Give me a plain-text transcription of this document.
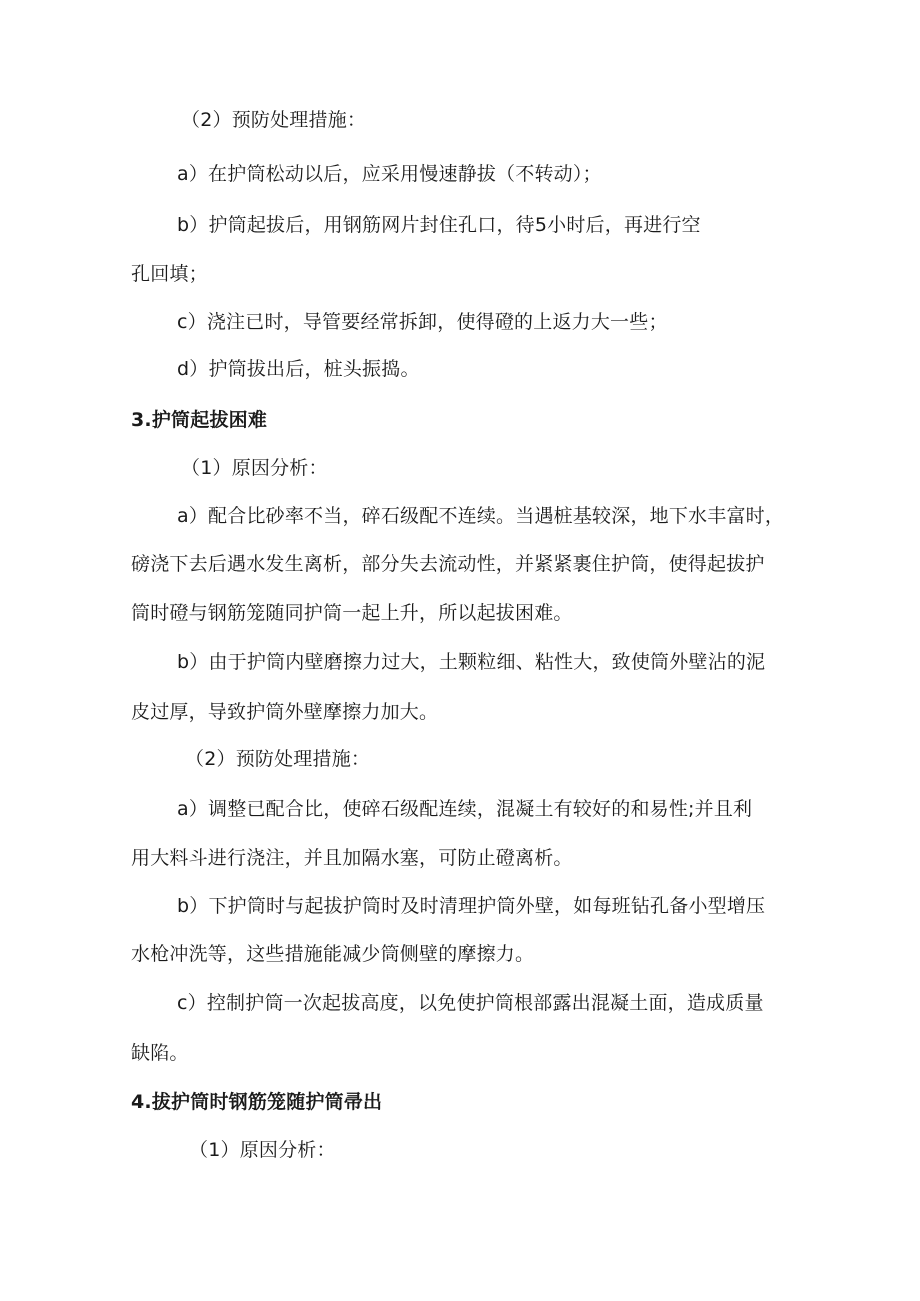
（2）预防处理措施：
a）在护筒松动以后，应采用慢速静拔（不转动）；
b）护筒起拔后，用钢筋网片封住孔口，待5小时后，再进行空
孔回填；
c）浇注已时，导管要经常拆卸，使得磴的上返力大一些；
d）护筒拔出后，桩头振捣。
3.护筒起拔困难
（1）原因分析：
a）配合比砂率不当，碎石级配不连续。当遇桩基较深，地下水丰富时，
磅浇下去后遇水发生离析，部分失去流动性，并紧紧裹住护筒，使得起拔护
筒时磴与钢筋笼随同护筒一起上升，所以起拔困难。
b）由于护筒内壁磨擦力过大，土颗粒细、粘性大，致使筒外壁沾的泥
皮过厚，导致护筒外壁摩擦力加大。
（2）预防处理措施：
a）调整已配合比，使碎石级配连续，混凝土有较好的和易性;并且利
用大料斗进行浇注，并且加隔水塞，可防止磴离析。
b）下护筒时与起拔护筒时及时清理护筒外壁，如每班钻孔备小型增压
水枪冲洗等，这些措施能减少筒侧壁的摩擦力。
c）控制护筒一次起拔高度，以免使护筒根部露出混凝土面，造成质量
缺陷。
4.拔护筒时钢筋笼随护筒帚出
（1）原因分析：
